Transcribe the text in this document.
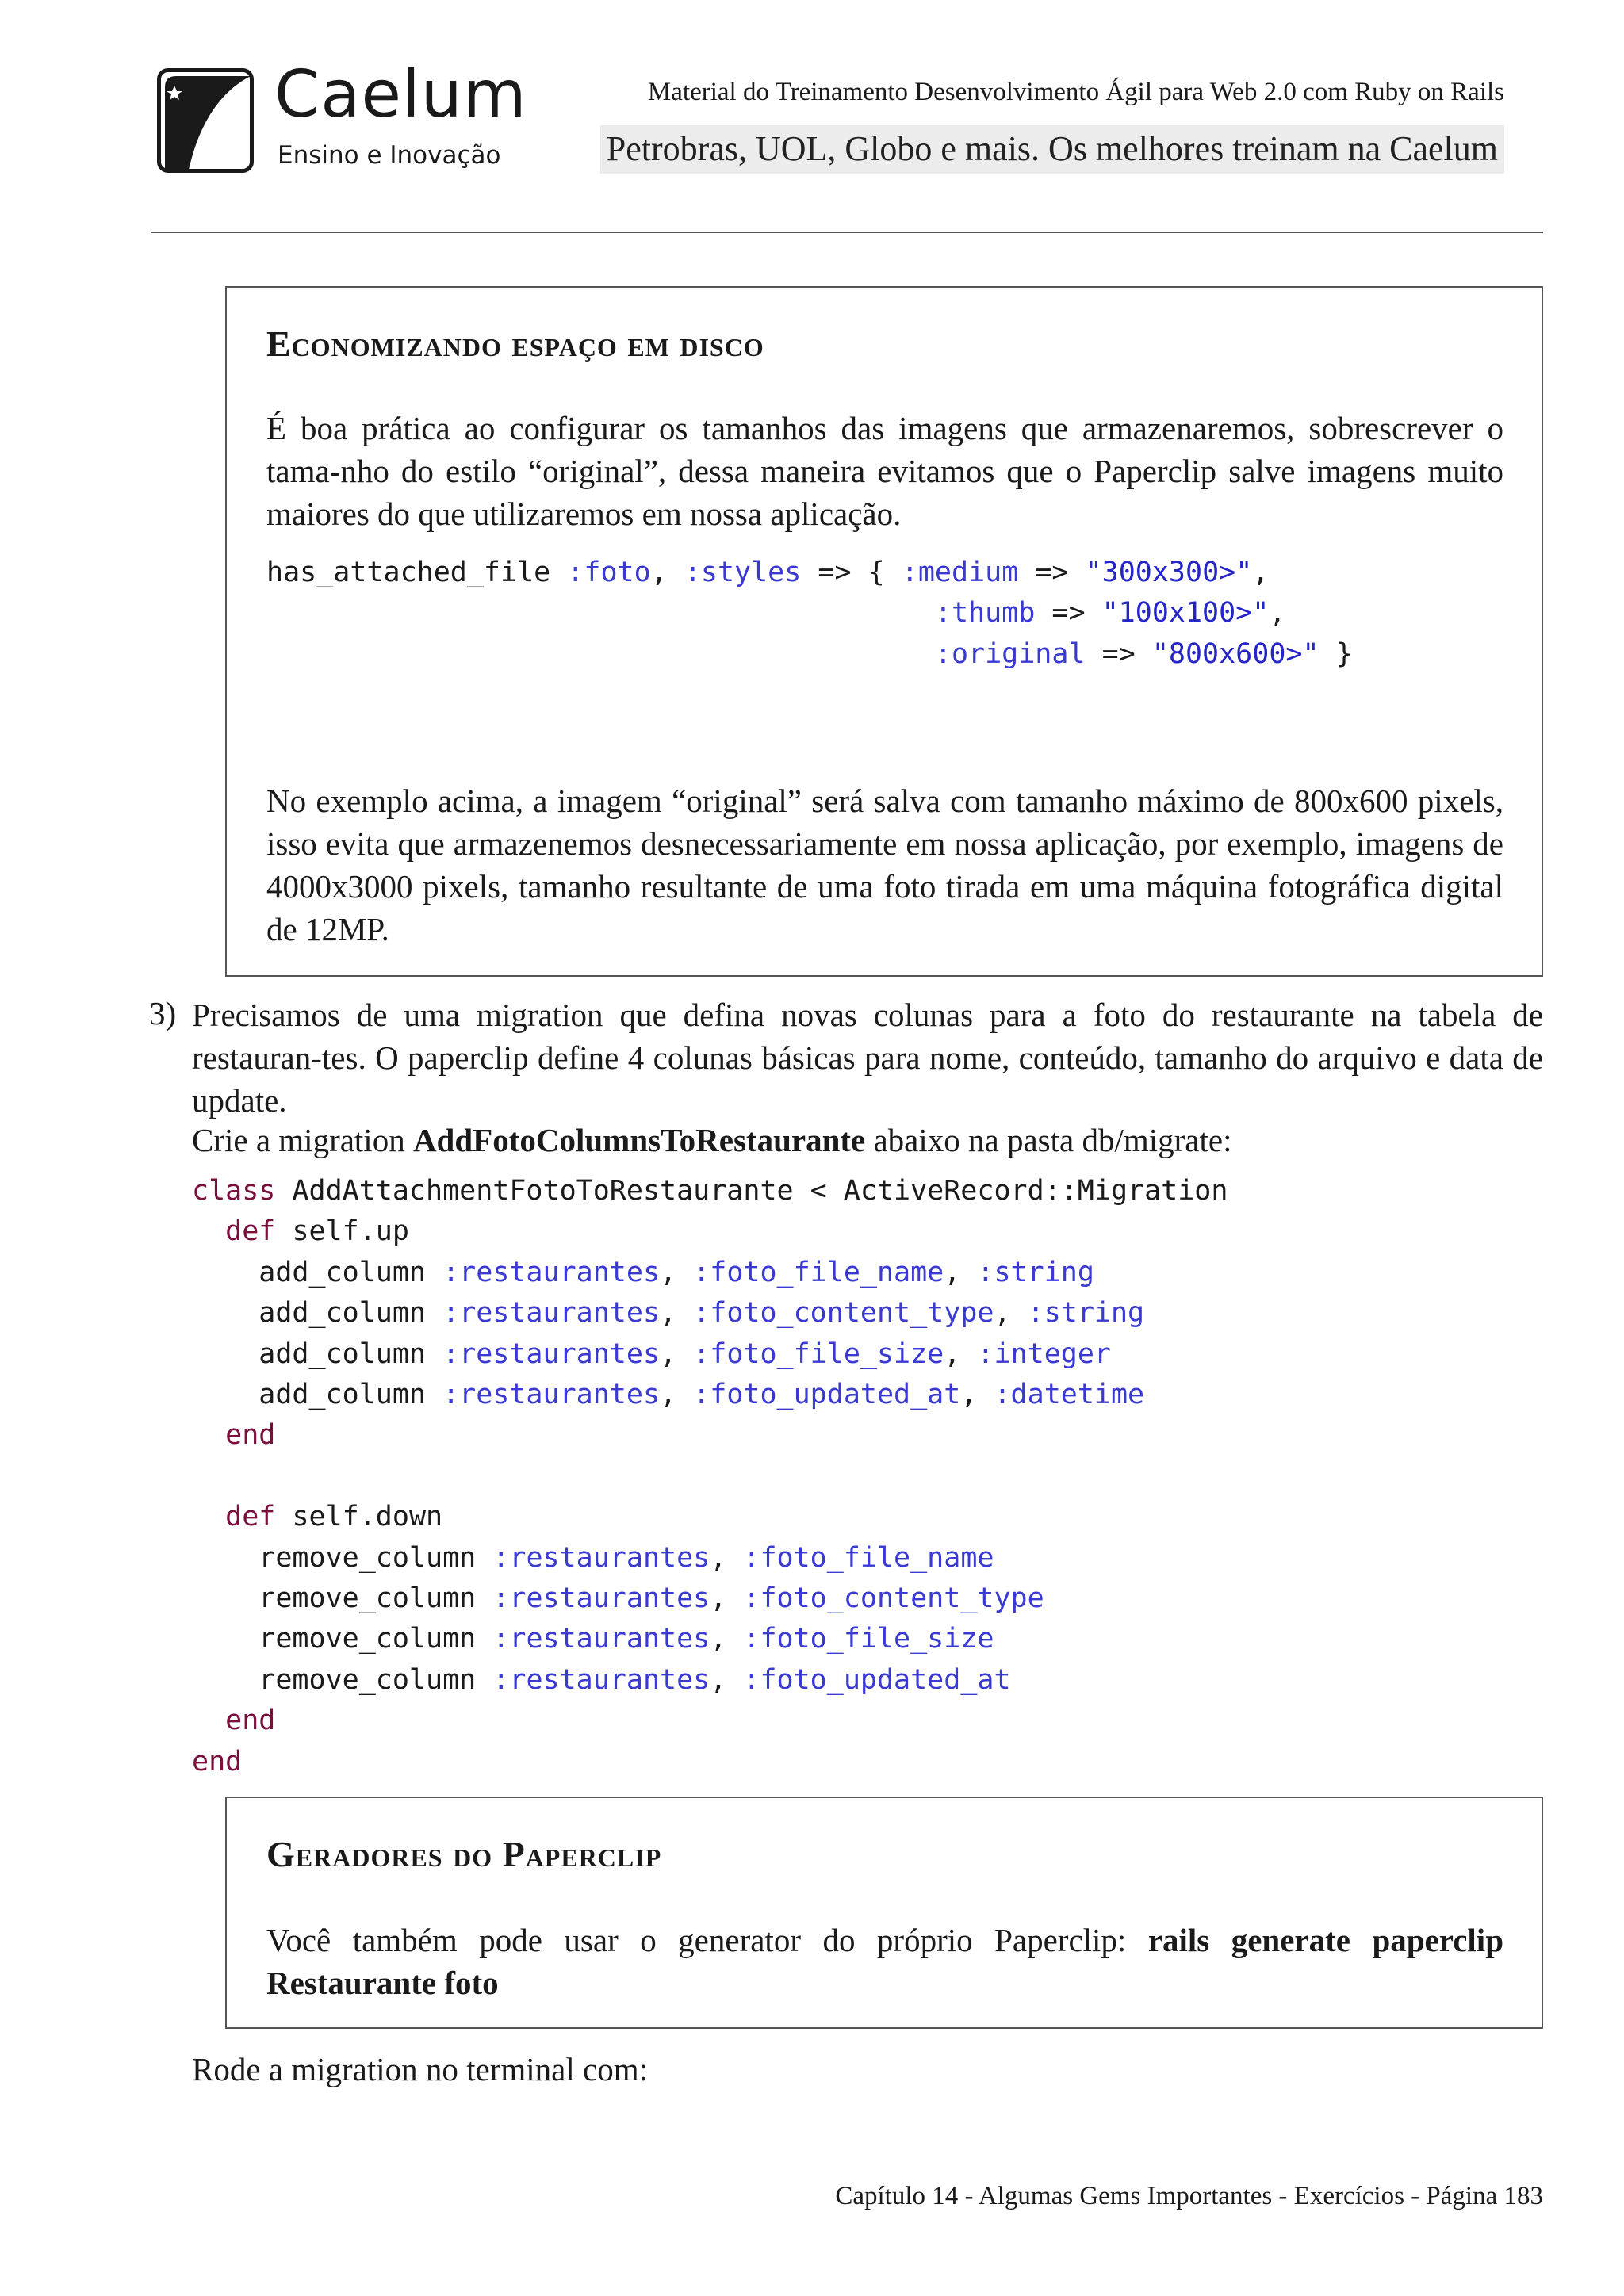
Caelum
Ensino e Inovação
Material do Treinamento Desenvolvimento Ágil para Web 2.0 com Ruby on Rails
Petrobras, UOL, Globo e mais. Os melhores treinam na Caelum
Economizando espaço em disco
É boa prática ao configurar os tamanhos das imagens que armazenaremos, sobrescrever o tama-nho do estilo “original”, dessa maneira evitamos que o Paperclip salve imagens muito maiores do que utilizaremos em nossa aplicação.
has_attached_file :foto, :styles => { :medium => "300x300>",
:thumb => "100x100>",
:original => "800x600>" }
No exemplo acima, a imagem “original” será salva com tamanho máximo de 800x600 pixels, isso evita que armazenemos desnecessariamente em nossa aplicação, por exemplo, imagens de 4000x3000 pixels, tamanho resultante de uma foto tirada em uma máquina fotográfica digital de 12MP.
3) Precisamos de uma migration que defina novas colunas para a foto do restaurante na tabela de restauran-tes. O paperclip define 4 colunas básicas para nome, conteúdo, tamanho do arquivo e data de update.
Crie a migration AddFotoColumnsToRestaurante abaixo na pasta db/migrate:
class AddAttachmentFotoToRestaurante < ActiveRecord::Migration
def self.up
add_column :restaurantes, :foto_file_name, :string
add_column :restaurantes, :foto_content_type, :string
add_column :restaurantes, :foto_file_size, :integer
add_column :restaurantes, :foto_updated_at, :datetime
end

def self.down
remove_column :restaurantes, :foto_file_name
remove_column :restaurantes, :foto_content_type
remove_column :restaurantes, :foto_file_size
remove_column :restaurantes, :foto_updated_at
end
end
Geradores do Paperclip
Você também pode usar o generator do próprio Paperclip: rails generate paperclip Restaurante foto
Rode a migration no terminal com:
Capítulo 14 - Algumas Gems Importantes - Exercícios - Página 183
